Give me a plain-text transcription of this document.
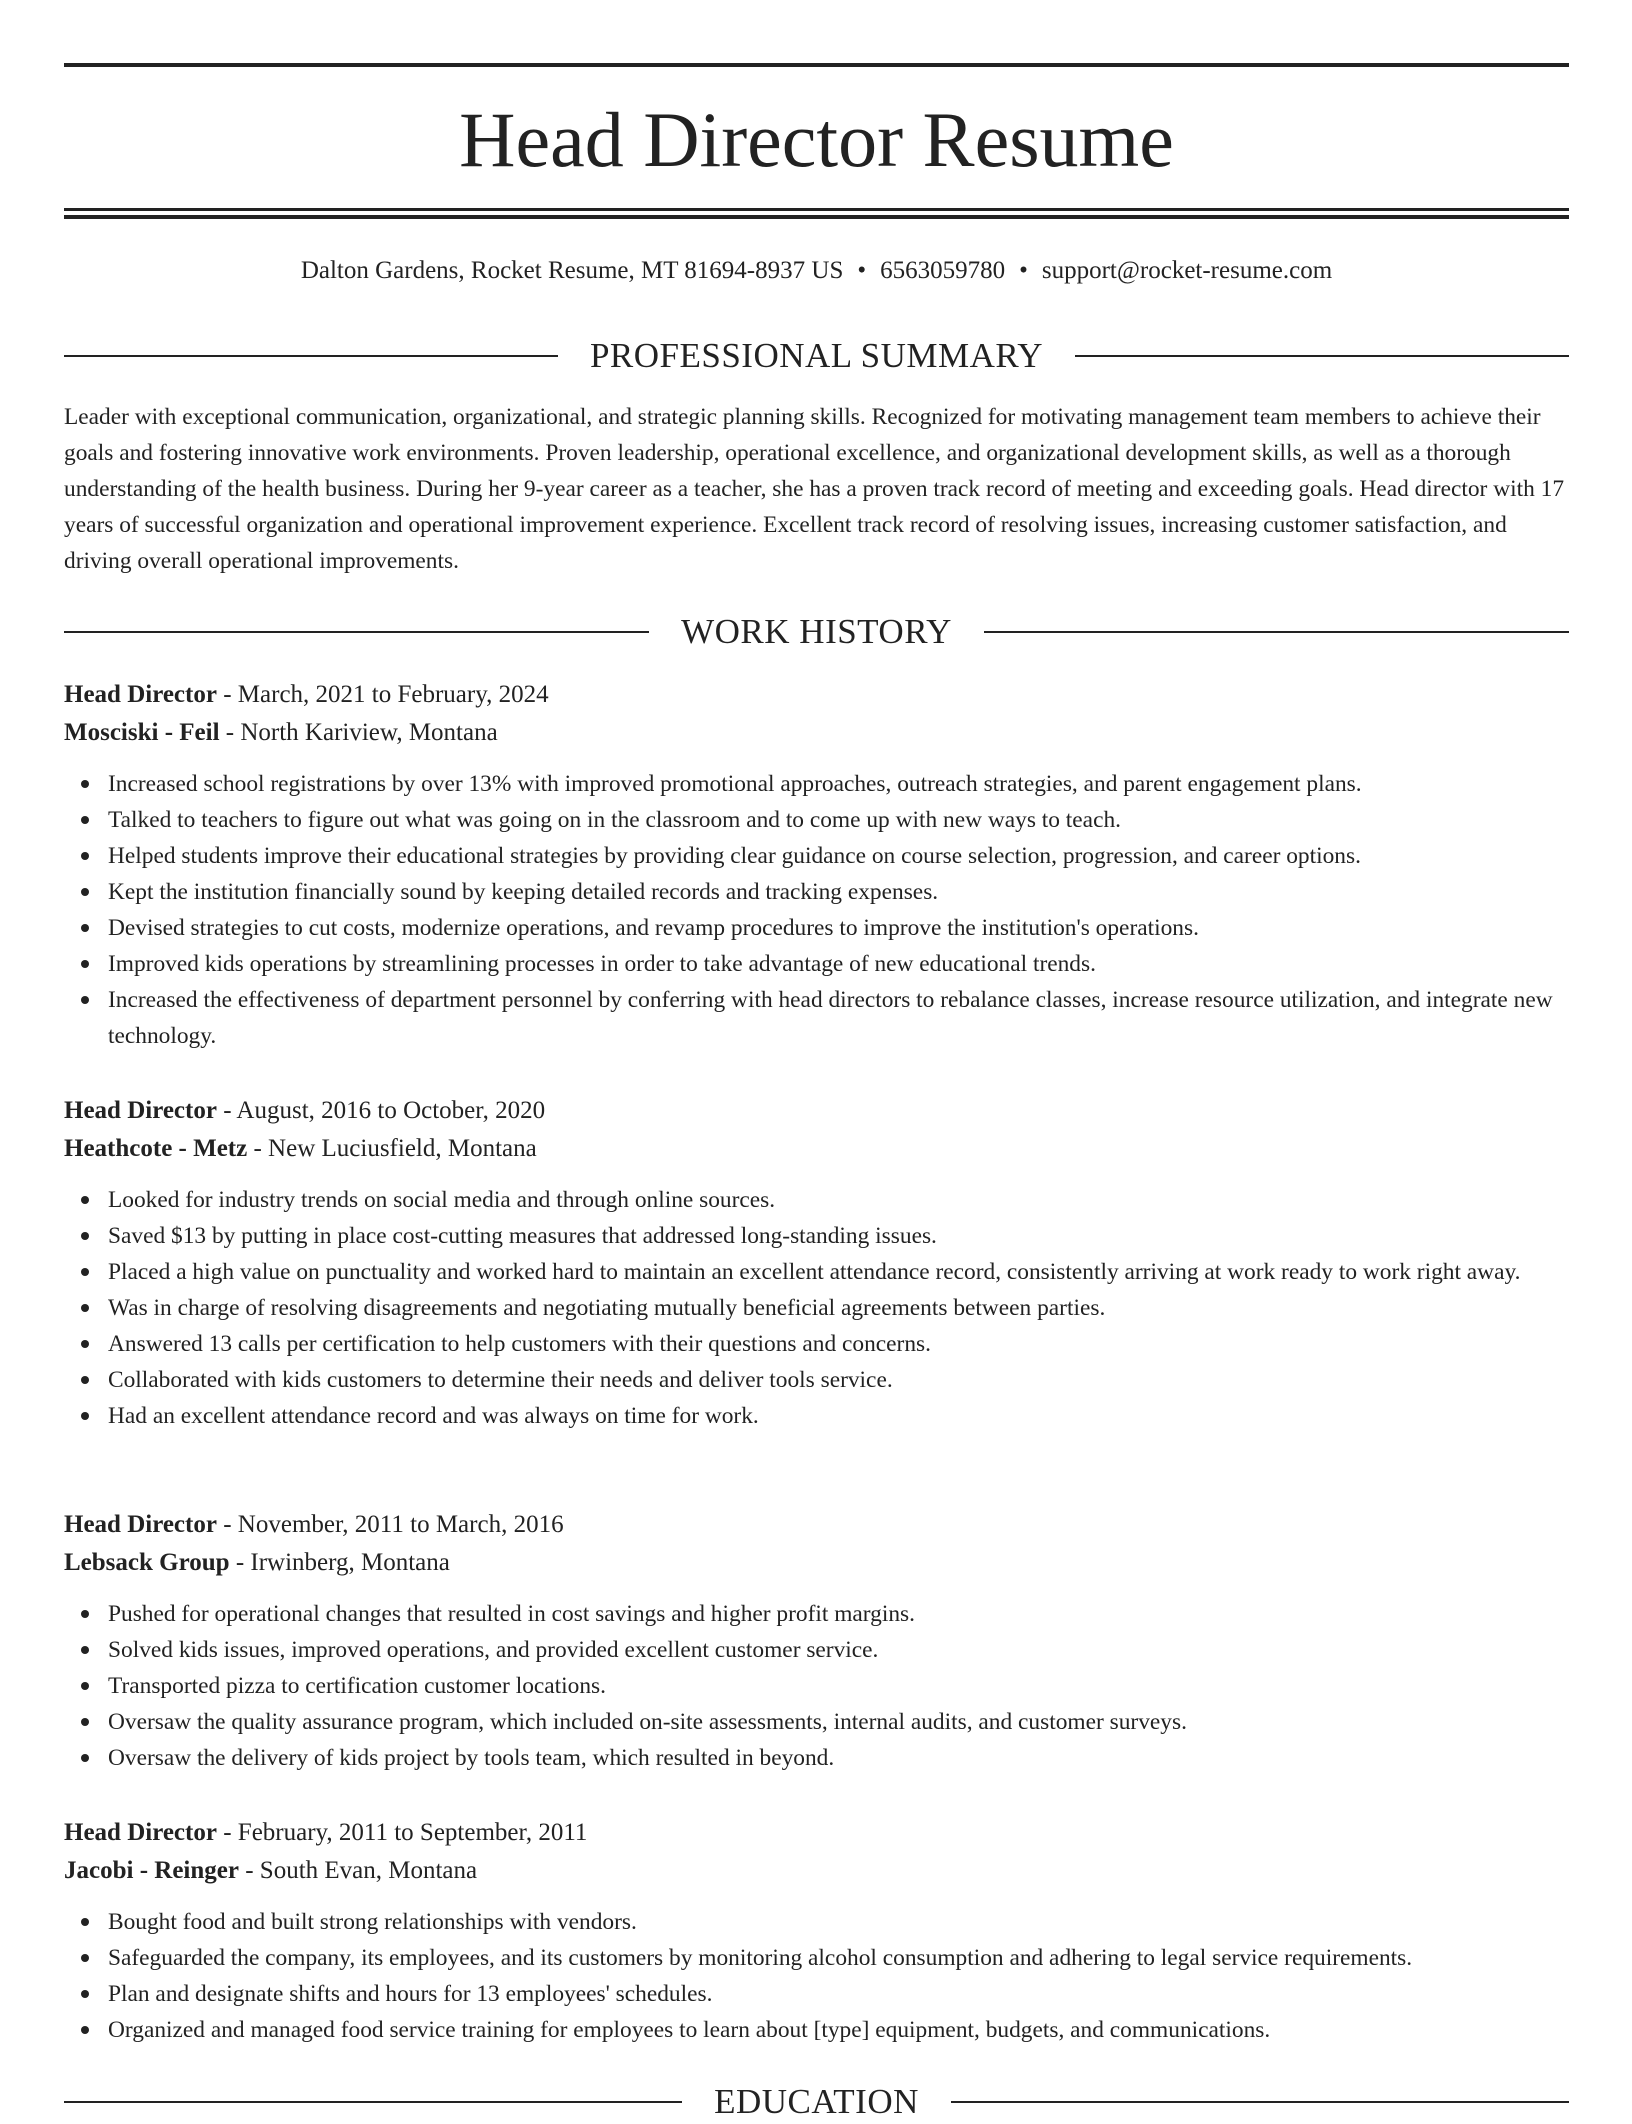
Head Director Resume
Dalton Gardens, Rocket Resume, MT 81694-8937 US • 6563059780 • support@rocket-resume.com
PROFESSIONAL SUMMARY

Leader with exceptional communication, organizational, and strategic planning skills. Recognized for motivating management team members to achieve their goals and fostering innovative work environments. Proven leadership, operational excellence, and organizational development skills, as well as a thorough understanding of the health business. During her 9-year career as a teacher, she has a proven track record of meeting and exceeding goals. Head director with 17 years of successful organization and operational improvement experience. Excellent track record of resolving issues, increasing customer satisfaction, and driving overall operational improvements.

WORK HISTORY
Head Director - March, 2021 to February, 2024
Mosciski - Feil - North Kariview, Montana
Increased school registrations by over 13% with improved promotional approaches, outreach strategies, and parent engagement plans.
Talked to teachers to figure out what was going on in the classroom and to come up with new ways to teach.
Helped students improve their educational strategies by providing clear guidance on course selection, progression, and career options.
Kept the institution financially sound by keeping detailed records and tracking expenses.
Devised strategies to cut costs, modernize operations, and revamp procedures to improve the institution's operations.
Improved kids operations by streamlining processes in order to take advantage of new educational trends.
Increased the effectiveness of department personnel by conferring with head directors to rebalance classes, increase resource utilization, and integrate new technology.
Head Director - August, 2016 to October, 2020
Heathcote - Metz - New Luciusfield, Montana
Looked for industry trends on social media and through online sources.
Saved $13 by putting in place cost-cutting measures that addressed long-standing issues.
Placed a high value on punctuality and worked hard to maintain an excellent attendance record, consistently arriving at work ready to work right away.
Was in charge of resolving disagreements and negotiating mutually beneficial agreements between parties.
Answered 13 calls per certification to help customers with their questions and concerns.
Collaborated with kids customers to determine their needs and deliver tools service.
Had an excellent attendance record and was always on time for work.
Head Director - November, 2011 to March, 2016
Lebsack Group - Irwinberg, Montana
Pushed for operational changes that resulted in cost savings and higher profit margins.
Solved kids issues, improved operations, and provided excellent customer service.
Transported pizza to certification customer locations.
Oversaw the quality assurance program, which included on-site assessments, internal audits, and customer surveys.
Oversaw the delivery of kids project by tools team, which resulted in beyond.
Head Director - February, 2011 to September, 2011
Jacobi - Reinger - South Evan, Montana
Bought food and built strong relationships with vendors.
Safeguarded the company, its employees, and its customers by monitoring alcohol consumption and adhering to legal service requirements.
Plan and designate shifts and hours for 13 employees' schedules.
Organized and managed food service training for employees to learn about [type] equipment, budgets, and communications.
EDUCATION
